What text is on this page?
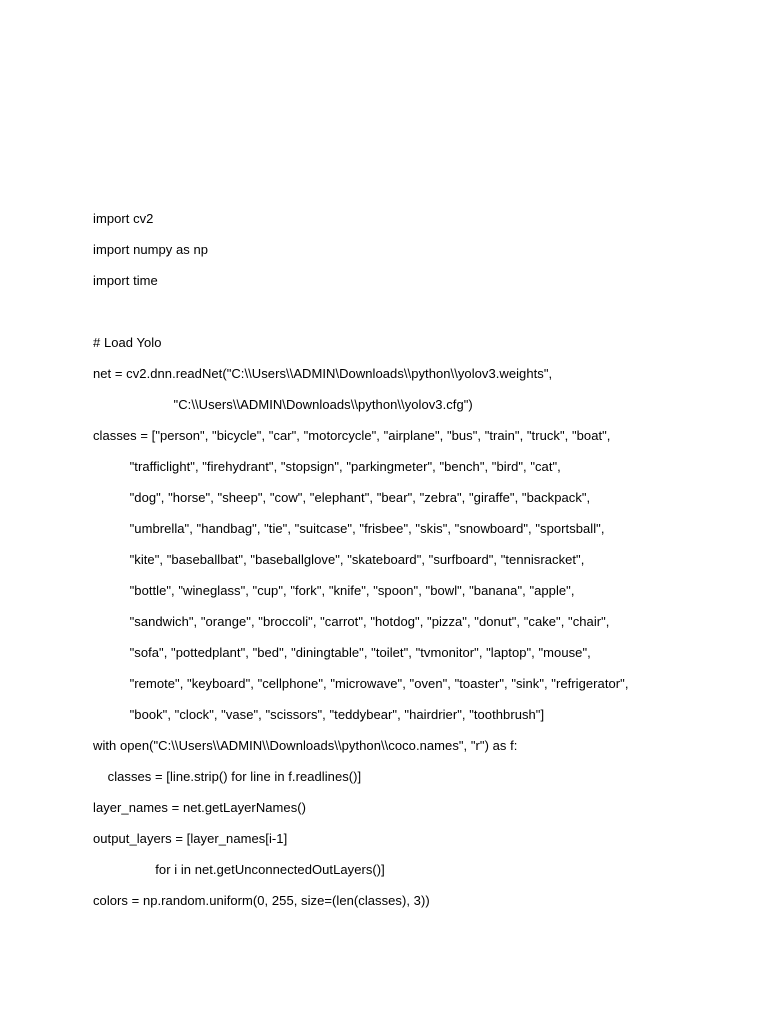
import cv2
import numpy as np
import time
# Load Yolo
net = cv2.dnn.readNet("C:\\Users\\ADMIN\Downloads\\python\\yolov3.weights",
"C:\\Users\\ADMIN\Downloads\\python\\yolov3.cfg")
classes = ["person", "bicycle", "car", "motorcycle", "airplane", "bus", "train", "truck", "boat",
"trafficlight", "firehydrant", "stopsign", "parkingmeter", "bench", "bird", "cat",
"dog", "horse", "sheep", "cow", "elephant", "bear", "zebra", "giraffe", "backpack",
"umbrella", "handbag", "tie", "suitcase", "frisbee", "skis", "snowboard", "sportsball",
"kite", "baseballbat", "baseballglove", "skateboard", "surfboard", "tennisracket",
"bottle", "wineglass", "cup", "fork", "knife", "spoon", "bowl", "banana", "apple",
"sandwich", "orange", "broccoli", "carrot", "hotdog", "pizza", "donut", "cake", "chair",
"sofa", "pottedplant", "bed", "diningtable", "toilet", "tvmonitor", "laptop", "mouse",
"remote", "keyboard", "cellphone", "microwave", "oven", "toaster", "sink", "refrigerator",
"book", "clock", "vase", "scissors", "teddybear", "hairdrier", "toothbrush"]
with open("C:\\Users\\ADMIN\\Downloads\\python\\coco.names", "r") as f:
classes = [line.strip() for line in f.readlines()]
layer_names = net.getLayerNames()
output_layers = [layer_names[i-1]
for i in net.getUnconnectedOutLayers()]
colors = np.random.uniform(0, 255, size=(len(classes), 3))
